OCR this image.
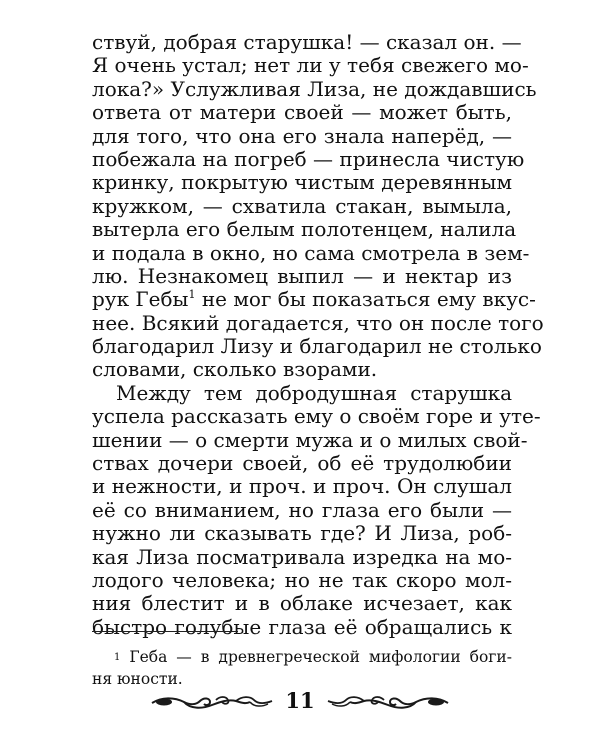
ствуй, добрая старушка! — сказал он. —
Я очень устал; нет ли у тебя свежего мо-
лока?» Услужливая Лиза, не дождавшись
ответа от матери своей — может быть,
для того, что она его знала наперёд, —
побежала на погреб — принесла чистую
кринку, покрытую чистым деревянным
кружком, — схватила стакан, вымыла,
вытерла его белым полотенцем, налила
и подала в окно, но сама смотрела в зем-
лю. Незнакомец выпил — и нектар из
рук Гебы$^1$ не мог бы показаться ему вкус-
нее. Всякий догадается, что он после того
благодарил Лизу и благодарил не столько
словами, сколько взорами.
Между тем добродушная старушка
успела рассказать ему о своём горе и уте-
шении — о смерти мужа и о милых свой-
ствах дочери своей, об её трудолюбии
и нежности, и проч. и проч. Он слушал
её со вниманием, но глаза его были —
нужно ли сказывать где? И Лиза, роб-
кая Лиза посматривала изредка на мо-
лодого человека; но не так скоро мол-
ния блестит и в облаке исчезает, как
быстро голубые глаза её обращались к
$^1$ Геба — в древнегреческой мифологии боги-
ня юности.
11
